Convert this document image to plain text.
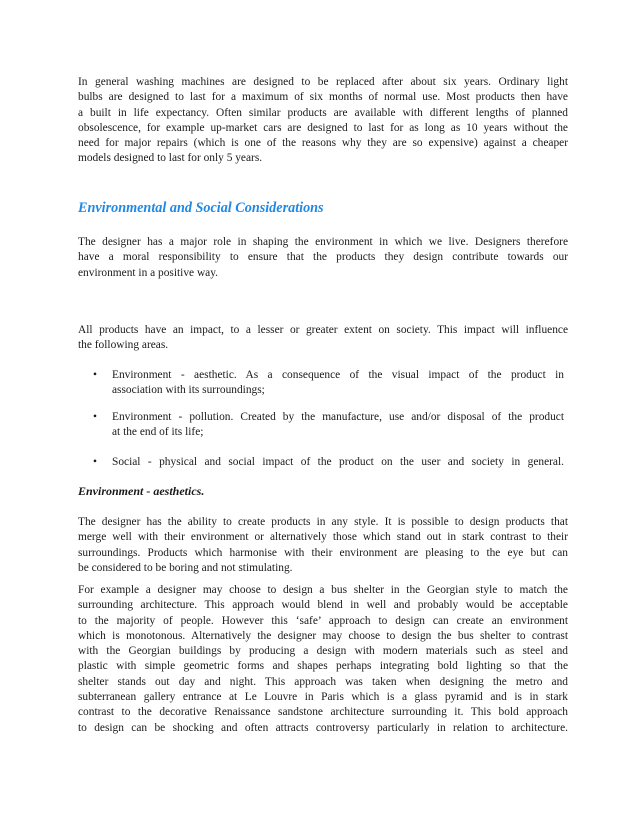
In general washing machines are designed to be replaced after about six years. Ordinary light
bulbs are designed to last for a maximum of six months of normal use. Most products then have
a built in life expectancy. Often similar products are available with different lengths of planned
obsolescence, for example up-market cars are designed to last for as long as 10 years without the
need for major repairs (which is one of the reasons why they are so expensive) against a cheaper
models designed to last for only 5 years.
Environmental and Social Considerations
The designer has a major role in shaping the environment in which we live. Designers therefore
have a moral responsibility to ensure that the products they design contribute towards our
environment in a positive way.
All products have an impact, to a lesser or greater extent on society. This impact will influence
the following areas.
• Environment - aesthetic. As a consequence of the visual impact of the product in
association with its surroundings;
• Environment - pollution. Created by the manufacture, use and/or disposal of the product
at the end of its life;
• Social - physical and social impact of the product on the user and society in general.
Environment - aesthetics.
The designer has the ability to create products in any style. It is possible to design products that
merge well with their environment or alternatively those which stand out in stark contrast to their
surroundings. Products which harmonise with their environment are pleasing to the eye but can
be considered to be boring and not stimulating.
For example a designer may choose to design a bus shelter in the Georgian style to match the
surrounding architecture. This approach would blend in well and probably would be acceptable
to the majority of people. However this ‘safe’ approach to design can create an environment
which is monotonous. Alternatively the designer may choose to design the bus shelter to contrast
with the Georgian buildings by producing a design with modern materials such as steel and
plastic with simple geometric forms and shapes perhaps integrating bold lighting so that the
shelter stands out day and night. This approach was taken when designing the metro and
subterranean gallery entrance at Le Louvre in Paris which is a glass pyramid and is in stark
contrast to the decorative Renaissance sandstone architecture surrounding it. This bold approach
to design can be shocking and often attracts controversy particularly in relation to architecture.
